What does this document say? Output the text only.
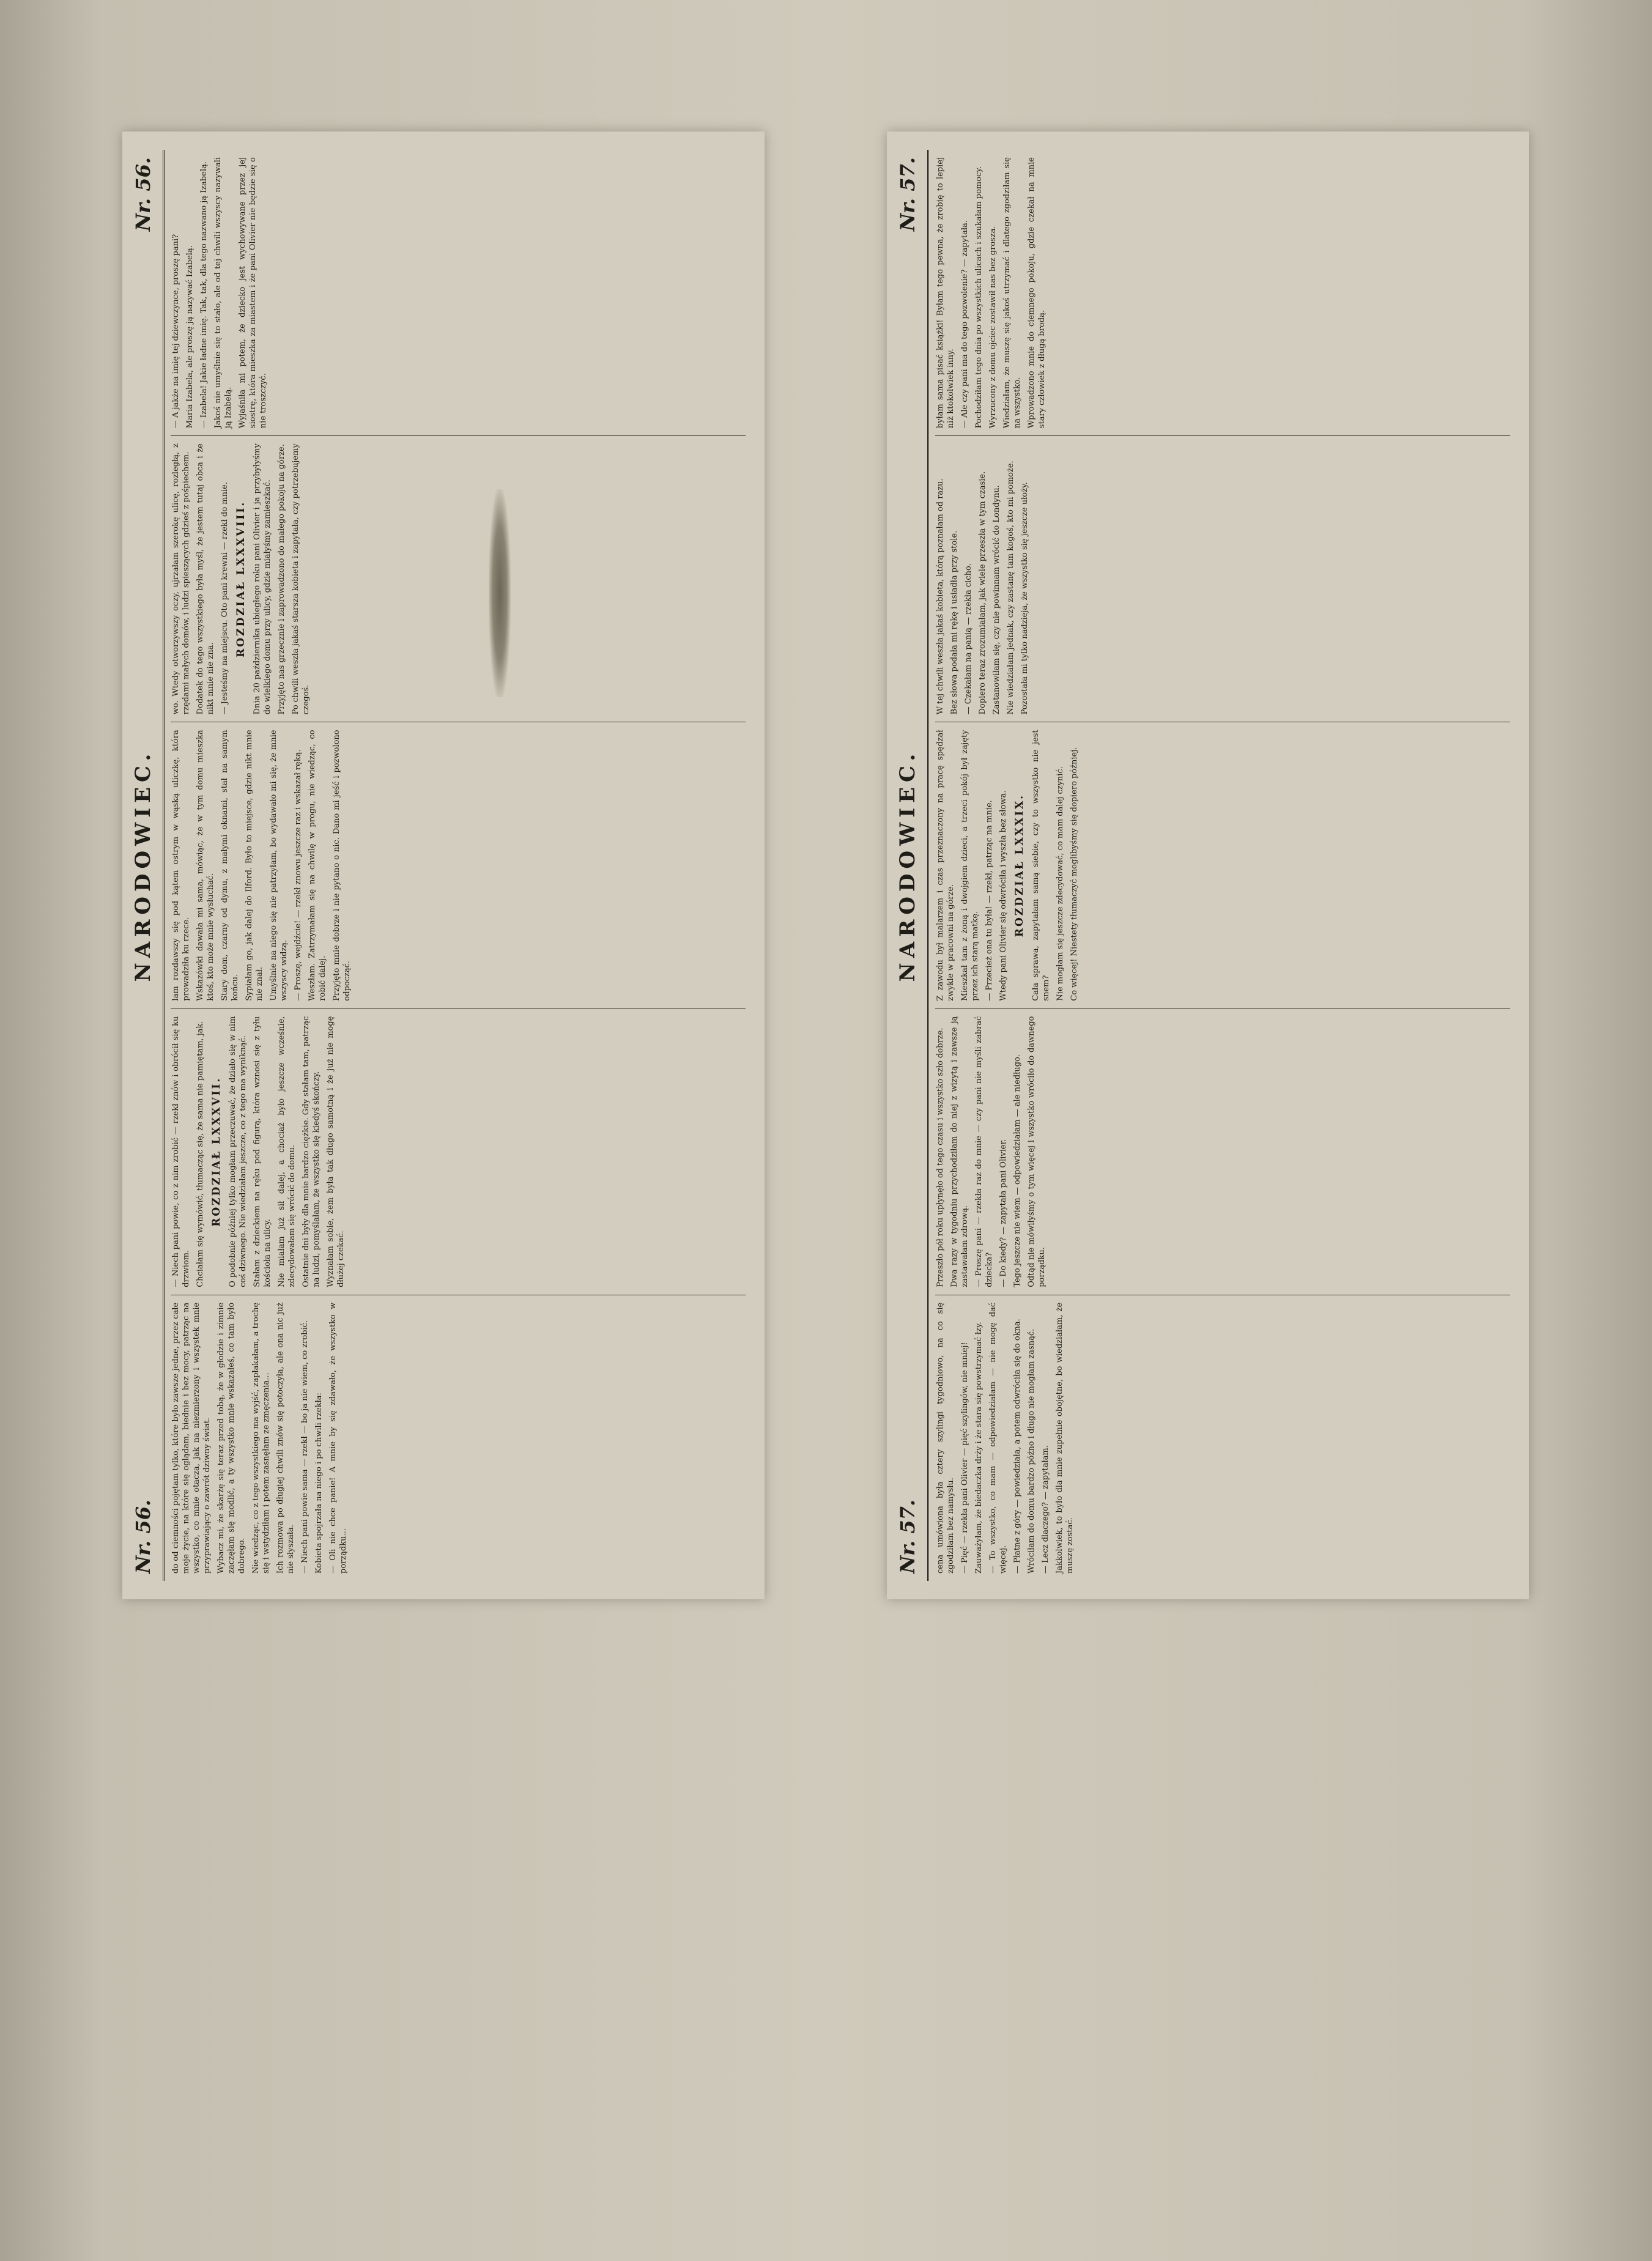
Nr. 56.
NARODOWIEC.
Nr. 56.

do od ciemności pojętam tylko, które było zawsze jedne, przez całe moje życie, na które się oglądam, biednie i bez mocy, patrząc na wszystko, co mnie otacza, jak na niezmierzony i wszystek mnie przyprawiający o zawrót dziwny świat. Wybacz mi, że skarżę się teraz przed tobą, że w głodzie i zimnie zaczęłam się modlić, a ty wszystko mnie wskazałeś, co tam było dobrego. Nie wiedząc, co z tego wszystkiego ma wyjść, zapłakałam, a trochę się i wstydziłam i potem zasnęłam ze zmęczenia... Ich rozmowa po długiej chwili znów się potoczyła, ale ona nic już nie słyszała. — Niech pani powie sama — rzekł — bo ja nie wiem, co zrobić. Kobieta spojrzała na niego i po chwili rzekła: — Oli nie chce panie! A mnie by się zdawało, że wszystko w porządku...

— Niech pani powie, co z nim zrobić — rzekł znów i obrócił się ku drzwiom. Chciałam się wymówić, tłumacząc się, że sama nie pamiętam, jak. ROZDZIAŁ LXXXVII. O podobnie później tylko mogłam przeczuwać, że działo się w nim coś dziwnego. Nie wiedziałam jeszcze, co z tego ma wyniknąć. Stałam z dzieckiem na ręku pod figurą, która wznosi się z tyłu kościoła na ulicy. Nie miałam już sił dalej, a chociaż było jeszcze wcześnie, zdecydowałam się wrócić do domu. Ostatnie dni były dla mnie bardzo ciężkie. Gdy stałam tam, patrząc na ludzi, pomyślałam, że wszystko się kiedyś skończy. Wyznałam sobie, żem była tak długo samotną i że już nie mogę dłużej czekać.

lam rozdawszy się pod kątem ostrym w wąską uliczkę, która prowadziła ku rzece. Wskazówki dawała mi sama, mówiąc, że w tym domu mieszka ktoś, kto może mnie wysłuchać. Stary dom, czarny od dymu, z małymi oknami, stał na samym końcu. Sypiałam go, jak dalej do Ilford. Było to miejsce, gdzie nikt mnie nie znał. Umyślnie na niego się nie patrzyłam, bo wydawało mi się, że mnie wszyscy widzą. — Proszę, wejdźcie! — rzekł znowu jeszcze raz i wskazał ręką. Weszłam. Zatrzymałam się na chwilę w progu, nie wiedząc, co robić dalej. Przyjęto mnie dobrze i nie pytano o nic. Dano mi jeść i pozwolono odpocząć.

wo. Wtedy otworzywszy oczy, ujrzałam szerokę ulicę, rozległą, z rzędami małych domów, i ludzi spieszących gdzieś z pośpiechem. Dodatek do tego wszystkiego była myśl, że jestem tutaj obca i że nikt mnie nie zna. — Jesteśmy na miejscu. Oto pani krewni — rzekł do mnie. ROZDZIAŁ LXXXVIII. Dnia 20 października ubiegłego roku pani Olivier i ja przybyłyśmy do wielkiego domu przy ulicy, gdzie miałyśmy zamieszkać. Przyjęto nas grzecznie i zaprowadzono do małego pokoju na górze. Po chwili weszła jakaś starsza kobieta i zapytała, czy potrzebujemy czegoś.

— A jakże na imię tej dziewczynce, proszę pani? Maria Izabela, ale proszę ją nazywać Izabelą. — Izabela! Jakie ładne imię. Tak, tak, dla tego nazwano ją Izabelą. Jakoś nie umyślnie się to stało, ale od tej chwili wszyscy nazywali ją Izabelą. Wyjaśniła mi potem, że dziecko jest wychowywane przez jej siostrę, która mieszka za miastem i że pani Olivier nie będzie się o nie troszczyć.

Nr. 57.
NARODOWIEC.
Nr. 57.

cena umówiona była cztery szylingi tygodniowo, na co się zgodziłam bez namysłu. — Pięć — rzekła pani Olivier — pięć szylingów, nie mniej! Zauważyłam, że biedaczka drży i że stara się powstrzymać łzy. — To wszystko, co mam — odpowiedziałam — nie mogę dać więcej. — Płatne z góry — powiedziała, a potem odwróciła się do okna. Wróciłam do domu bardzo późno i długo nie mogłam zasnąć. — Lecz dlaczego? — zapytałam. Jakkolwiek, to było dla mnie zupełnie obojętne, bo wiedziałam, że muszę zostać.

Przeszło pół roku upłynęło od tego czasu i wszystko szło dobrze. Dwa razy w tygodniu przychodziłam do niej z wizytą i zawsze ją zastawałam zdrową. — Proszę pani — rzekła raz do mnie — czy pani nie myśli zabrać dziecka? — Do kiedy? — zapytała pani Olivier. Tego jeszcze nie wiem — odpowiedziałam — ale niedługo. Odtąd nie mówiłyśmy o tym więcej i wszystko wróciło do dawnego porządku.

Z zawodu był malarzem i czas przeznaczony na pracę spędzał zwykle w pracowni na górze. Mieszkał tam z żoną i dwojgiem dzieci, a trzeci pokój był zajęty przez ich starą matkę. — Przecież ona tu była! — rzekł, patrząc na mnie. Wtedy pani Olivier się odwróciła i wyszła bez słowa. ROZDZIAŁ LXXXIX. Cała sprawa, zapytałam samą siebie, czy to wszystko nie jest snem? Nie mogłam się jeszcze zdecydować, co mam dalej czynić. Co więcej! Niestety tłumaczyć moglibyśmy się dopiero później.

W tej chwili weszła jakaś kobieta, którą poznałam od razu. Bez słowa podała mi rękę i usiadła przy stole. — Czekałam na panią — rzekła cicho. Dopiero teraz zrozumiałam, jak wiele przeszła w tym czasie. Zastanowiłam się, czy nie powinnam wrócić do Londynu. Nie wiedziałam jednak, czy zastanę tam kogoś, kto mi pomoże. Pozostała mi tylko nadzieja, że wszystko się jeszcze ułoży.

byłam sama pisać książki! Byłam tego pewna, że zrobię to lepiej niż ktokolwiek inny. — Ale czy pani ma do tego pozwolenie? — zapytała. Pochodziłam tego dnia po wszystkich ulicach i szukałam pomocy. Wyrzucony z domu ojciec zostawił nas bez grosza. Wiedziałam, że muszę się jakoś utrzymać i dlatego zgodziłam się na wszystko. Wprowadzono mnie do ciemnego pokoju, gdzie czekał na mnie stary człowiek z długą brodą.
